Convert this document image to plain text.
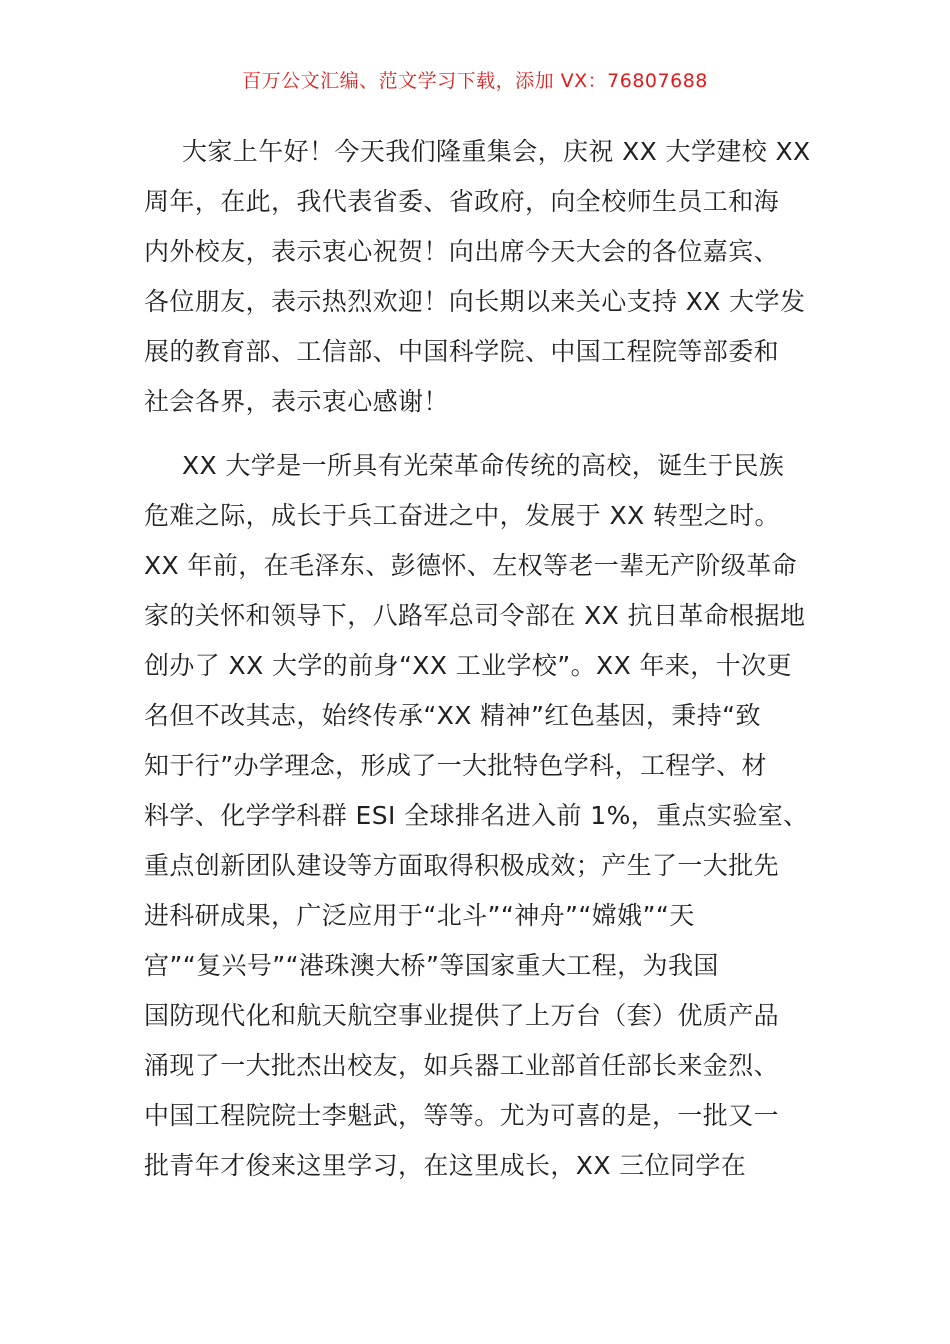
百万公文汇编、范文学习下载，添加 VX：76807688
大家上午好！今天我们隆重集会，庆祝 XX 大学建校 XX
周年，在此，我代表省委、省政府，向全校师生员工和海
内外校友，表示衷心祝贺！向出席今天大会的各位嘉宾、
各位朋友，表示热烈欢迎！向长期以来关心支持 XX 大学发
展的教育部、工信部、中国科学院、中国工程院等部委和
社会各界，表示衷心感谢！
XX 大学是一所具有光荣革命传统的高校，诞生于民族
危难之际，成长于兵工奋进之中，发展于 XX 转型之时。
XX 年前，在毛泽东、彭德怀、左权等老一辈无产阶级革命
家的关怀和领导下，八路军总司令部在 XX 抗日革命根据地
创办了 XX 大学的前身“XX 工业学校”。XX 年来，十次更
名但不改其志，始终传承“XX 精神”红色基因，秉持“致
知于行”办学理念，形成了一大批特色学科，工程学、材
料学、化学学科群 ESI 全球排名进入前 1%，重点实验室、
重点创新团队建设等方面取得积极成效；产生了一大批先
进科研成果，广泛应用于“北斗”“神舟”“嫦娥”“天
宫”“复兴号”“港珠澳大桥”等国家重大工程，为我国
国防现代化和航天航空事业提供了上万台（套）优质产品
涌现了一大批杰出校友，如兵器工业部首任部长来金烈、
中国工程院院士李魁武，等等。尤为可喜的是，一批又一
批青年才俊来这里学习，在这里成长，XX 三位同学在
